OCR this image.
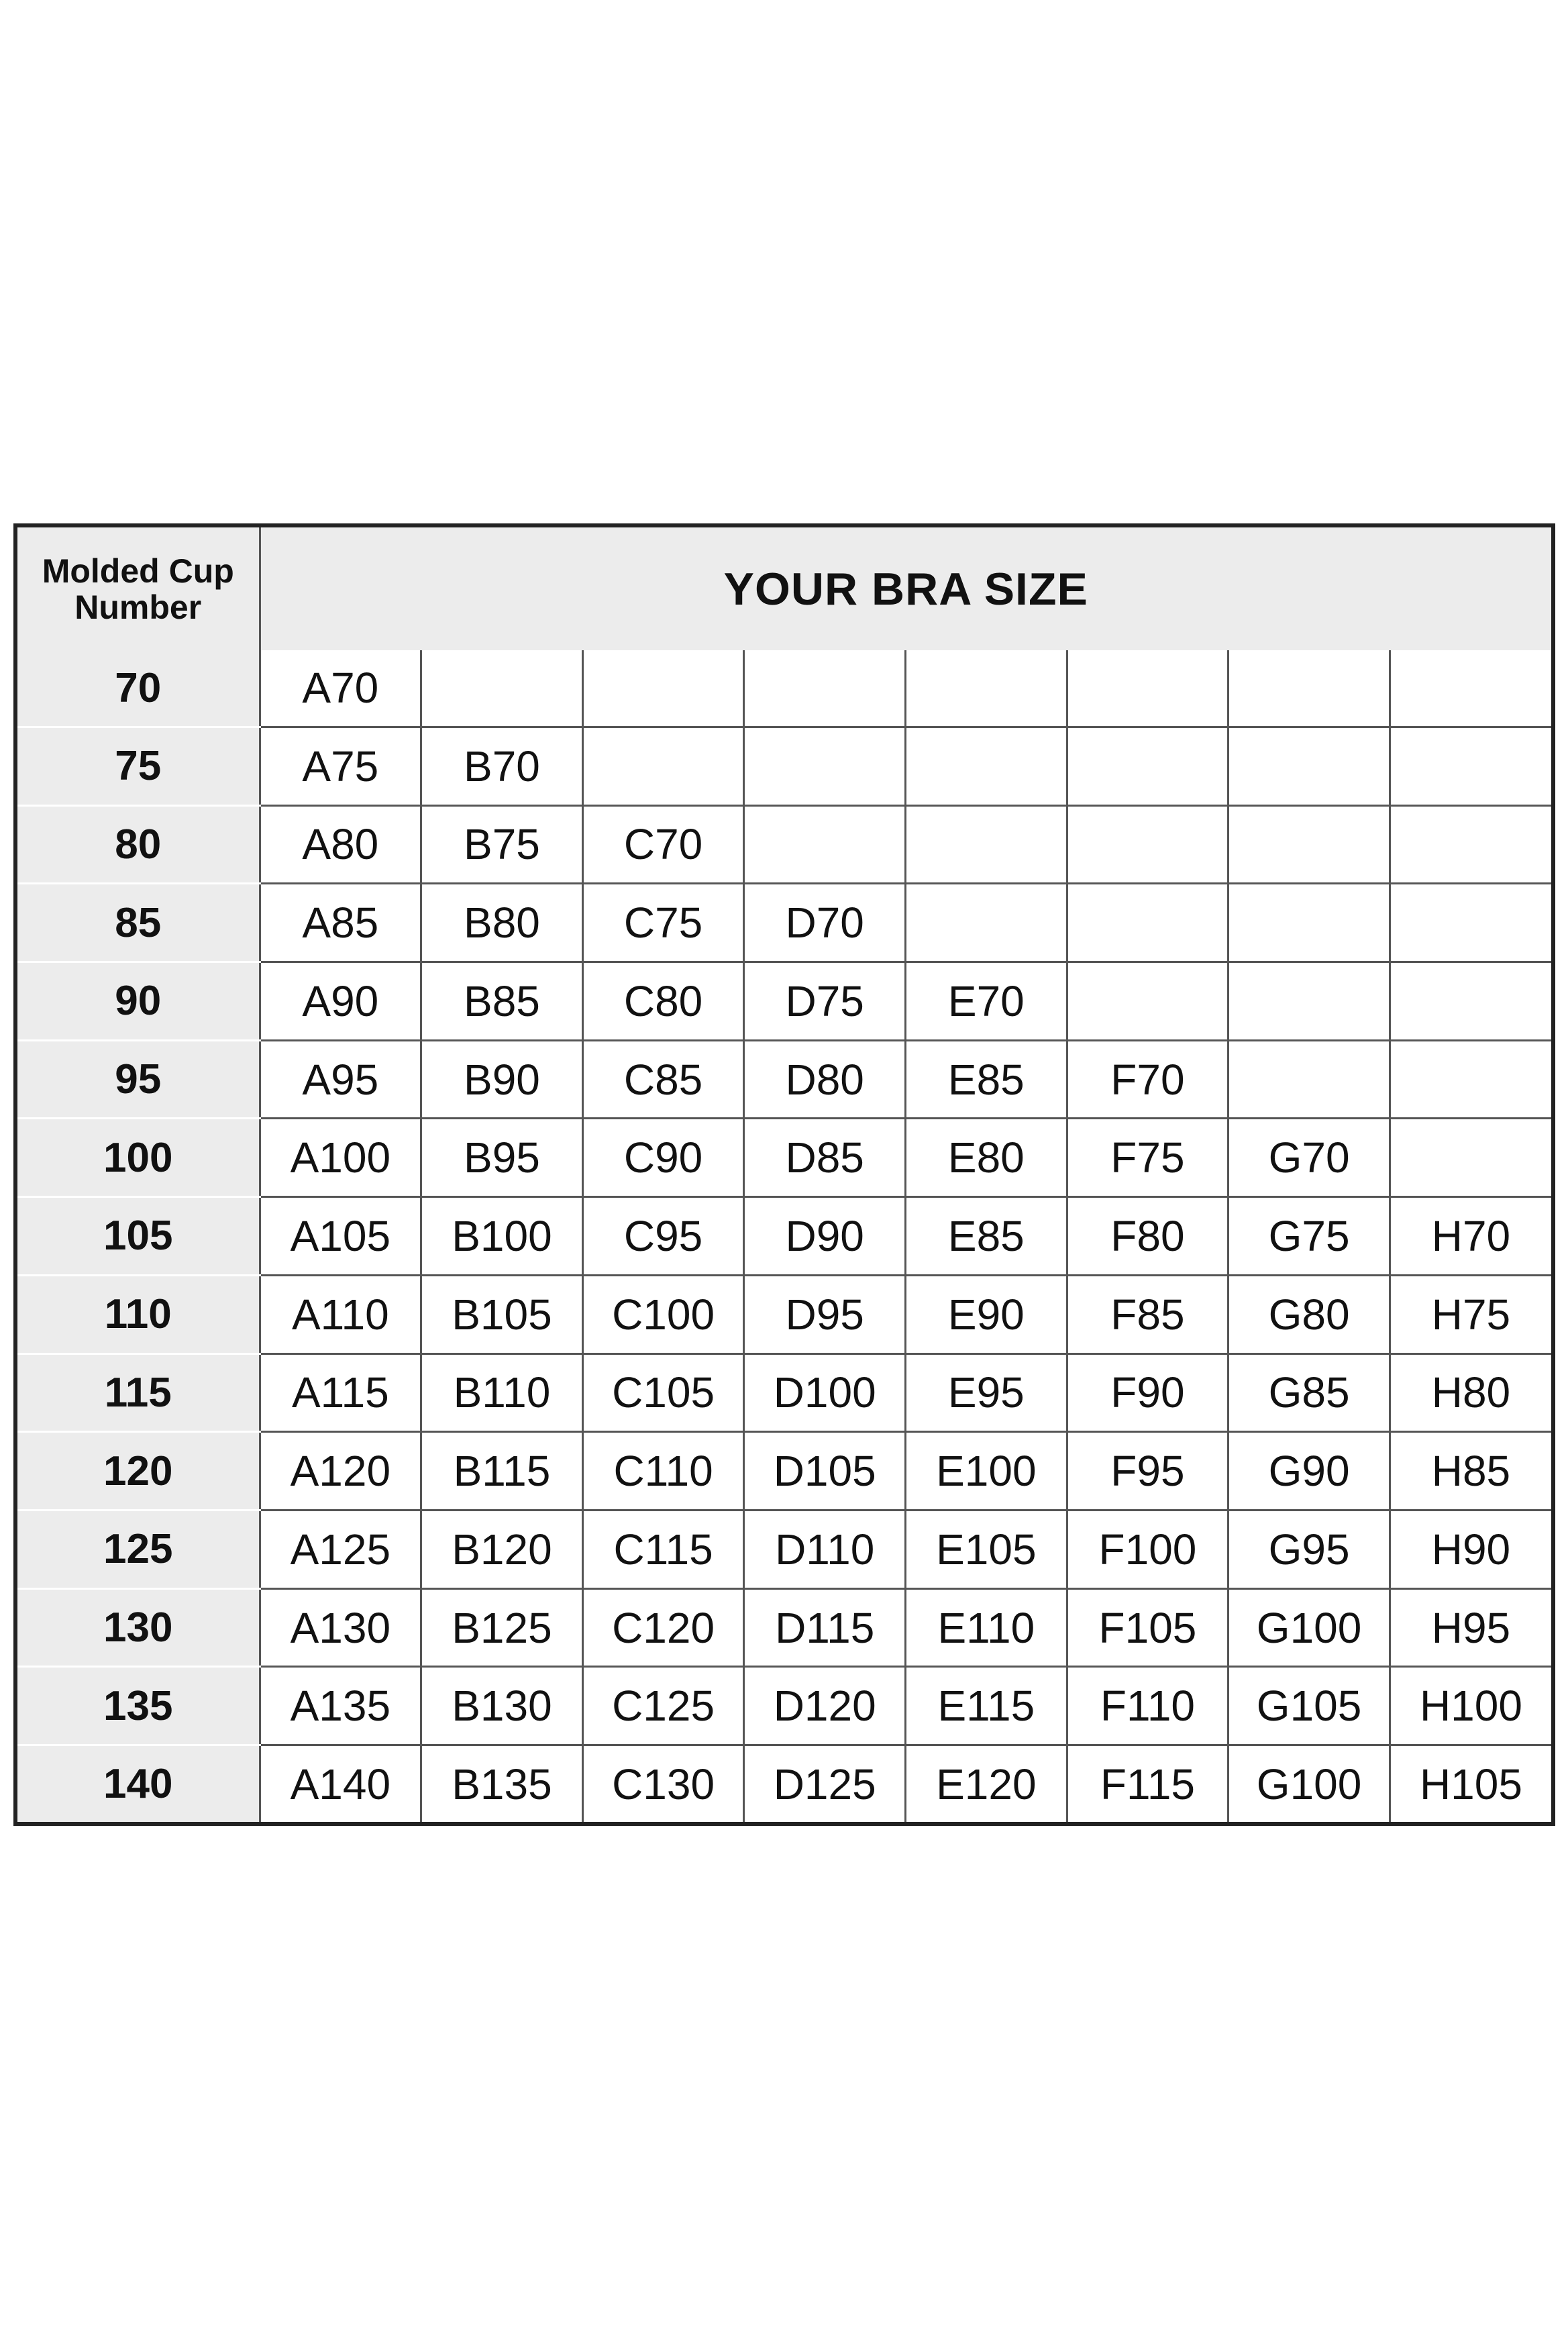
Molded Cup
Number	YOUR BRA SIZE							
70	A70							
75	A75	B70						
80	A80	B75	C70					
85	A85	B80	C75	D70				
90	A90	B85	C80	D75	E70			
95	A95	B90	C85	D80	E85	F70		
100	A100	B95	C90	D85	E80	F75	G70	
105	A105	B100	C95	D90	E85	F80	G75	H70
110	A110	B105	C100	D95	E90	F85	G80	H75
115	A115	B110	C105	D100	E95	F90	G85	H80
120	A120	B115	C110	D105	E100	F95	G90	H85
125	A125	B120	C115	D110	E105	F100	G95	H90
130	A130	B125	C120	D115	E110	F105	G100	H95
135	A135	B130	C125	D120	E115	F110	G105	H100
140	A140	B135	C130	D125	E120	F115	G100	H105
